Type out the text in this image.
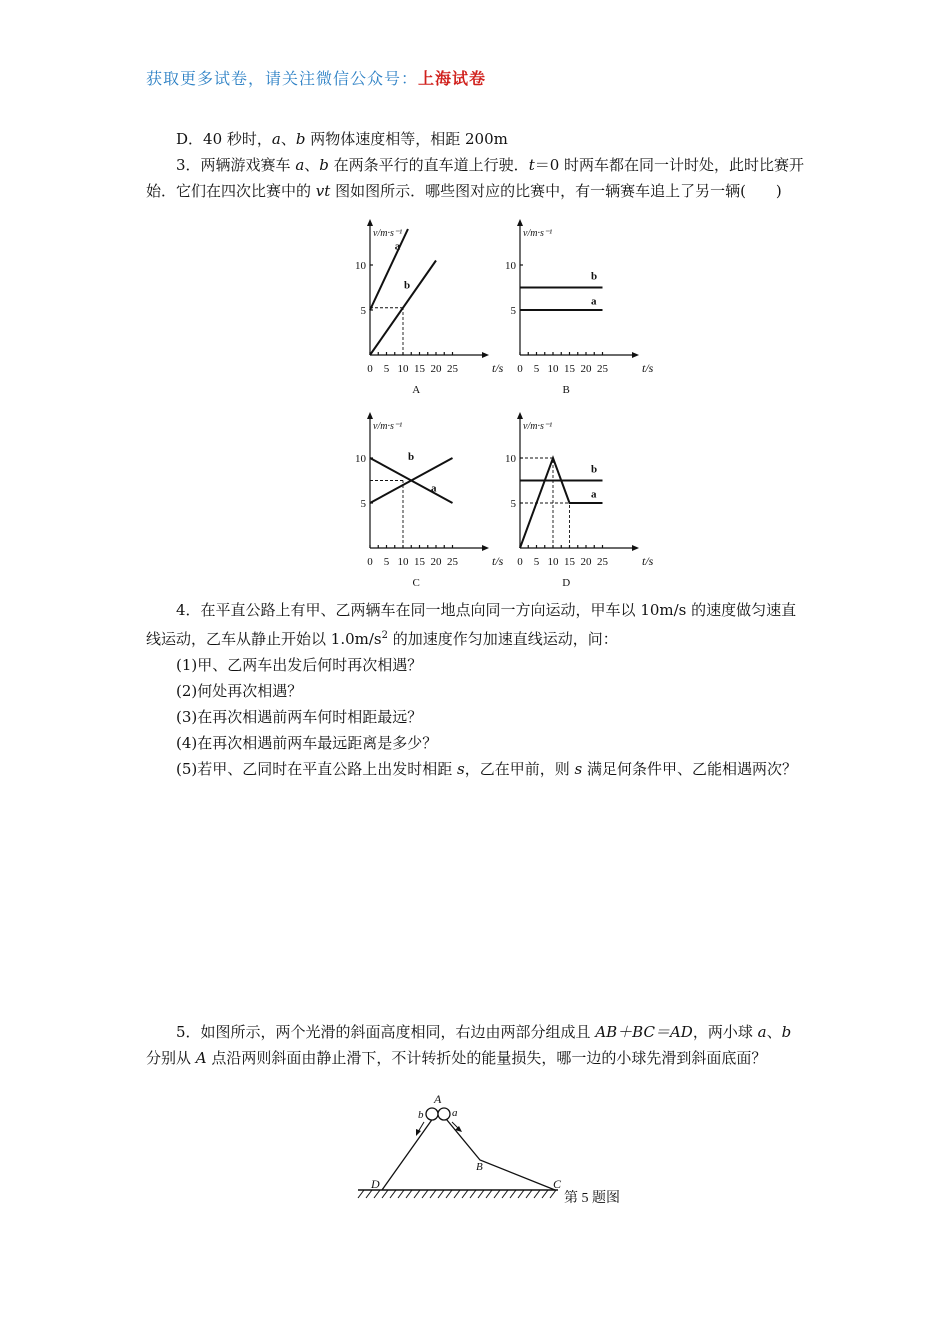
获取更多试卷，请关注微信公众号：上海试卷
D．40 秒时，a、b 两物体速度相等，相距 200m
3．两辆游戏赛车 a、b 在两条平行的直车道上行驶．t＝0 时两车都在同一计时处，此时比赛开始．它们在四次比赛中的 vt 图如图所示．哪些图对应的比赛中，有一辆赛车追上了另一辆(　　)
0 5 10 15 20 25
5
10
t/s
v/m·s⁻¹
A
a
b
0 5 10 15 20 25
5
10
t/s
v/m·s⁻¹
B
b
a
0 5 10 15 20 25
5
10
t/s
v/m·s⁻¹
C
b
a
0 5 10 15 20 25
5
10
t/s
v/m·s⁻¹
D
b
a
4．在平直公路上有甲、乙两辆车在同一地点向同一方向运动，甲车以 10m/s 的速度做匀速直线运动，乙车从静止开始以 $1.0m/s^2$ 的加速度作匀加速直线运动，问：
(1)甲、乙两车出发后何时再次相遇？
(2)何处再次相遇？
(3)在再次相遇前两车何时相距最远？
(4)在再次相遇前两车最远距离是多少？
(5)若甲、乙同时在平直公路上出发时相距 s，乙在甲前，则 s 满足何条件甲、乙能相遇两次？
5．如图所示，两个光滑的斜面高度相同，右边由两部分组成且 AB＋BC＝AD，两小球 a、b 分别从 A 点沿两则斜面由静止滑下，不计转折处的能量损失，哪一边的小球先滑到斜面底面？
A
b	a
B
D	C
第 5 题图
